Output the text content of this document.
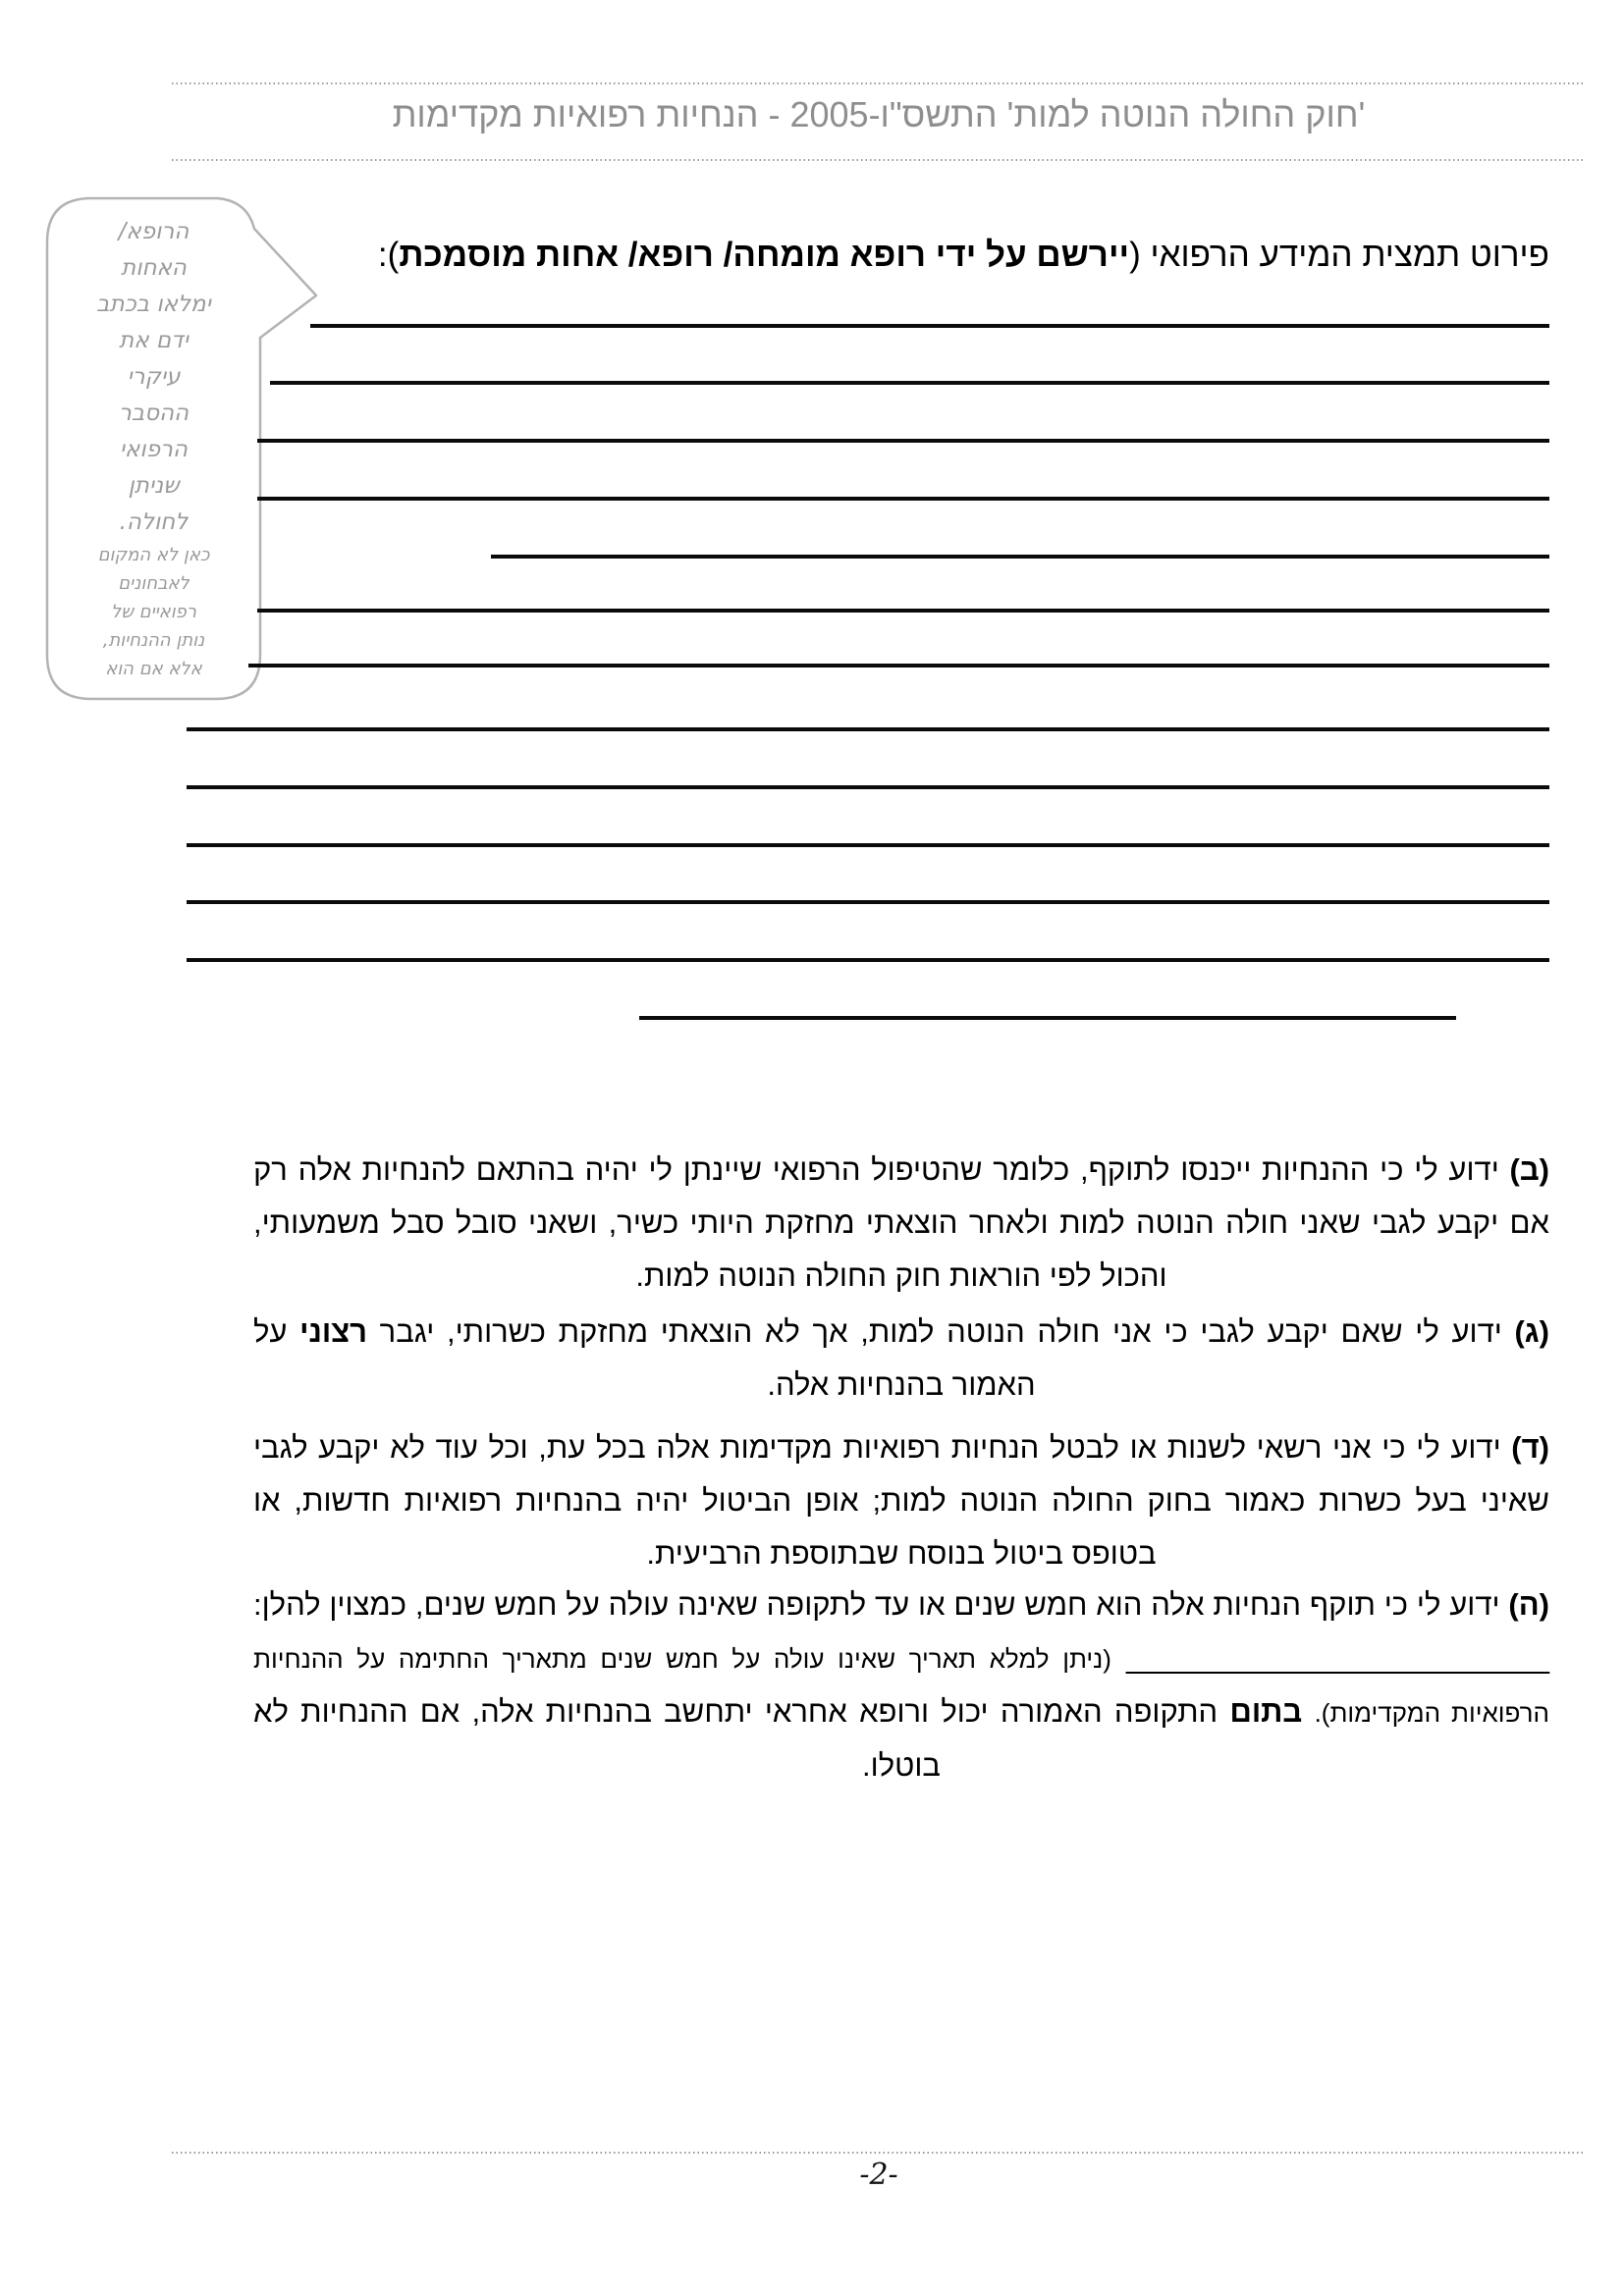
'חוק החולה הנוטה למות' התשס"ו-2005 - הנחיות רפואיות מקדימות
הרופא/
האחות
ימלאו בכתב
ידם את
עיקרי
ההסבר
הרפואי
שניתן
לחולה.
כאן לא המקום
לאבחונים
רפואיים של
נותן ההנחיות,
אלא אם הוא
פירוט תמצית המידע הרפואי (יירשם על ידי רופא מומחה/ רופא/ אחות מוסמכת):
(ב) ידוע לי כי ההנחיות ייכנסו לתוקף, כלומר שהטיפול הרפואי שיינתן לי יהיה בהתאם להנחיות אלה רק אם יקבע לגבי שאני חולה הנוטה למות ולאחר הוצאתי מחזקת היותי כשיר, ושאני סובל סבל משמעותי, והכול לפי הוראות חוק החולה הנוטה למות.
(ג) ידוע לי שאם יקבע לגבי כי אני חולה הנוטה למות, אך לא הוצאתי מחזקת כשרותי, יגבר רצוני על האמור בהנחיות אלה.
(ד) ידוע לי כי אני רשאי לשנות או לבטל הנחיות רפואיות מקדימות אלה בכל עת, וכל עוד לא יקבע לגבי שאיני בעל כשרות כאמור בחוק החולה הנוטה למות; אופן הביטול יהיה בהנחיות רפואיות חדשות, או בטופס ביטול בנוסח שבתוספת הרביעית.
(ה) ידוע לי כי תוקף הנחיות אלה הוא חמש שנים או עד לתקופה שאינה עולה על חמש שנים, כמצוין להלן: _________________________ (ניתן למלא תאריך שאינו עולה על חמש שנים מתאריך החתימה על ההנחיות הרפואיות המקדימות). בתום התקופה האמורה יכול ורופא אחראי יתחשב בהנחיות אלה, אם ההנחיות לא בוטלו.
-2-
